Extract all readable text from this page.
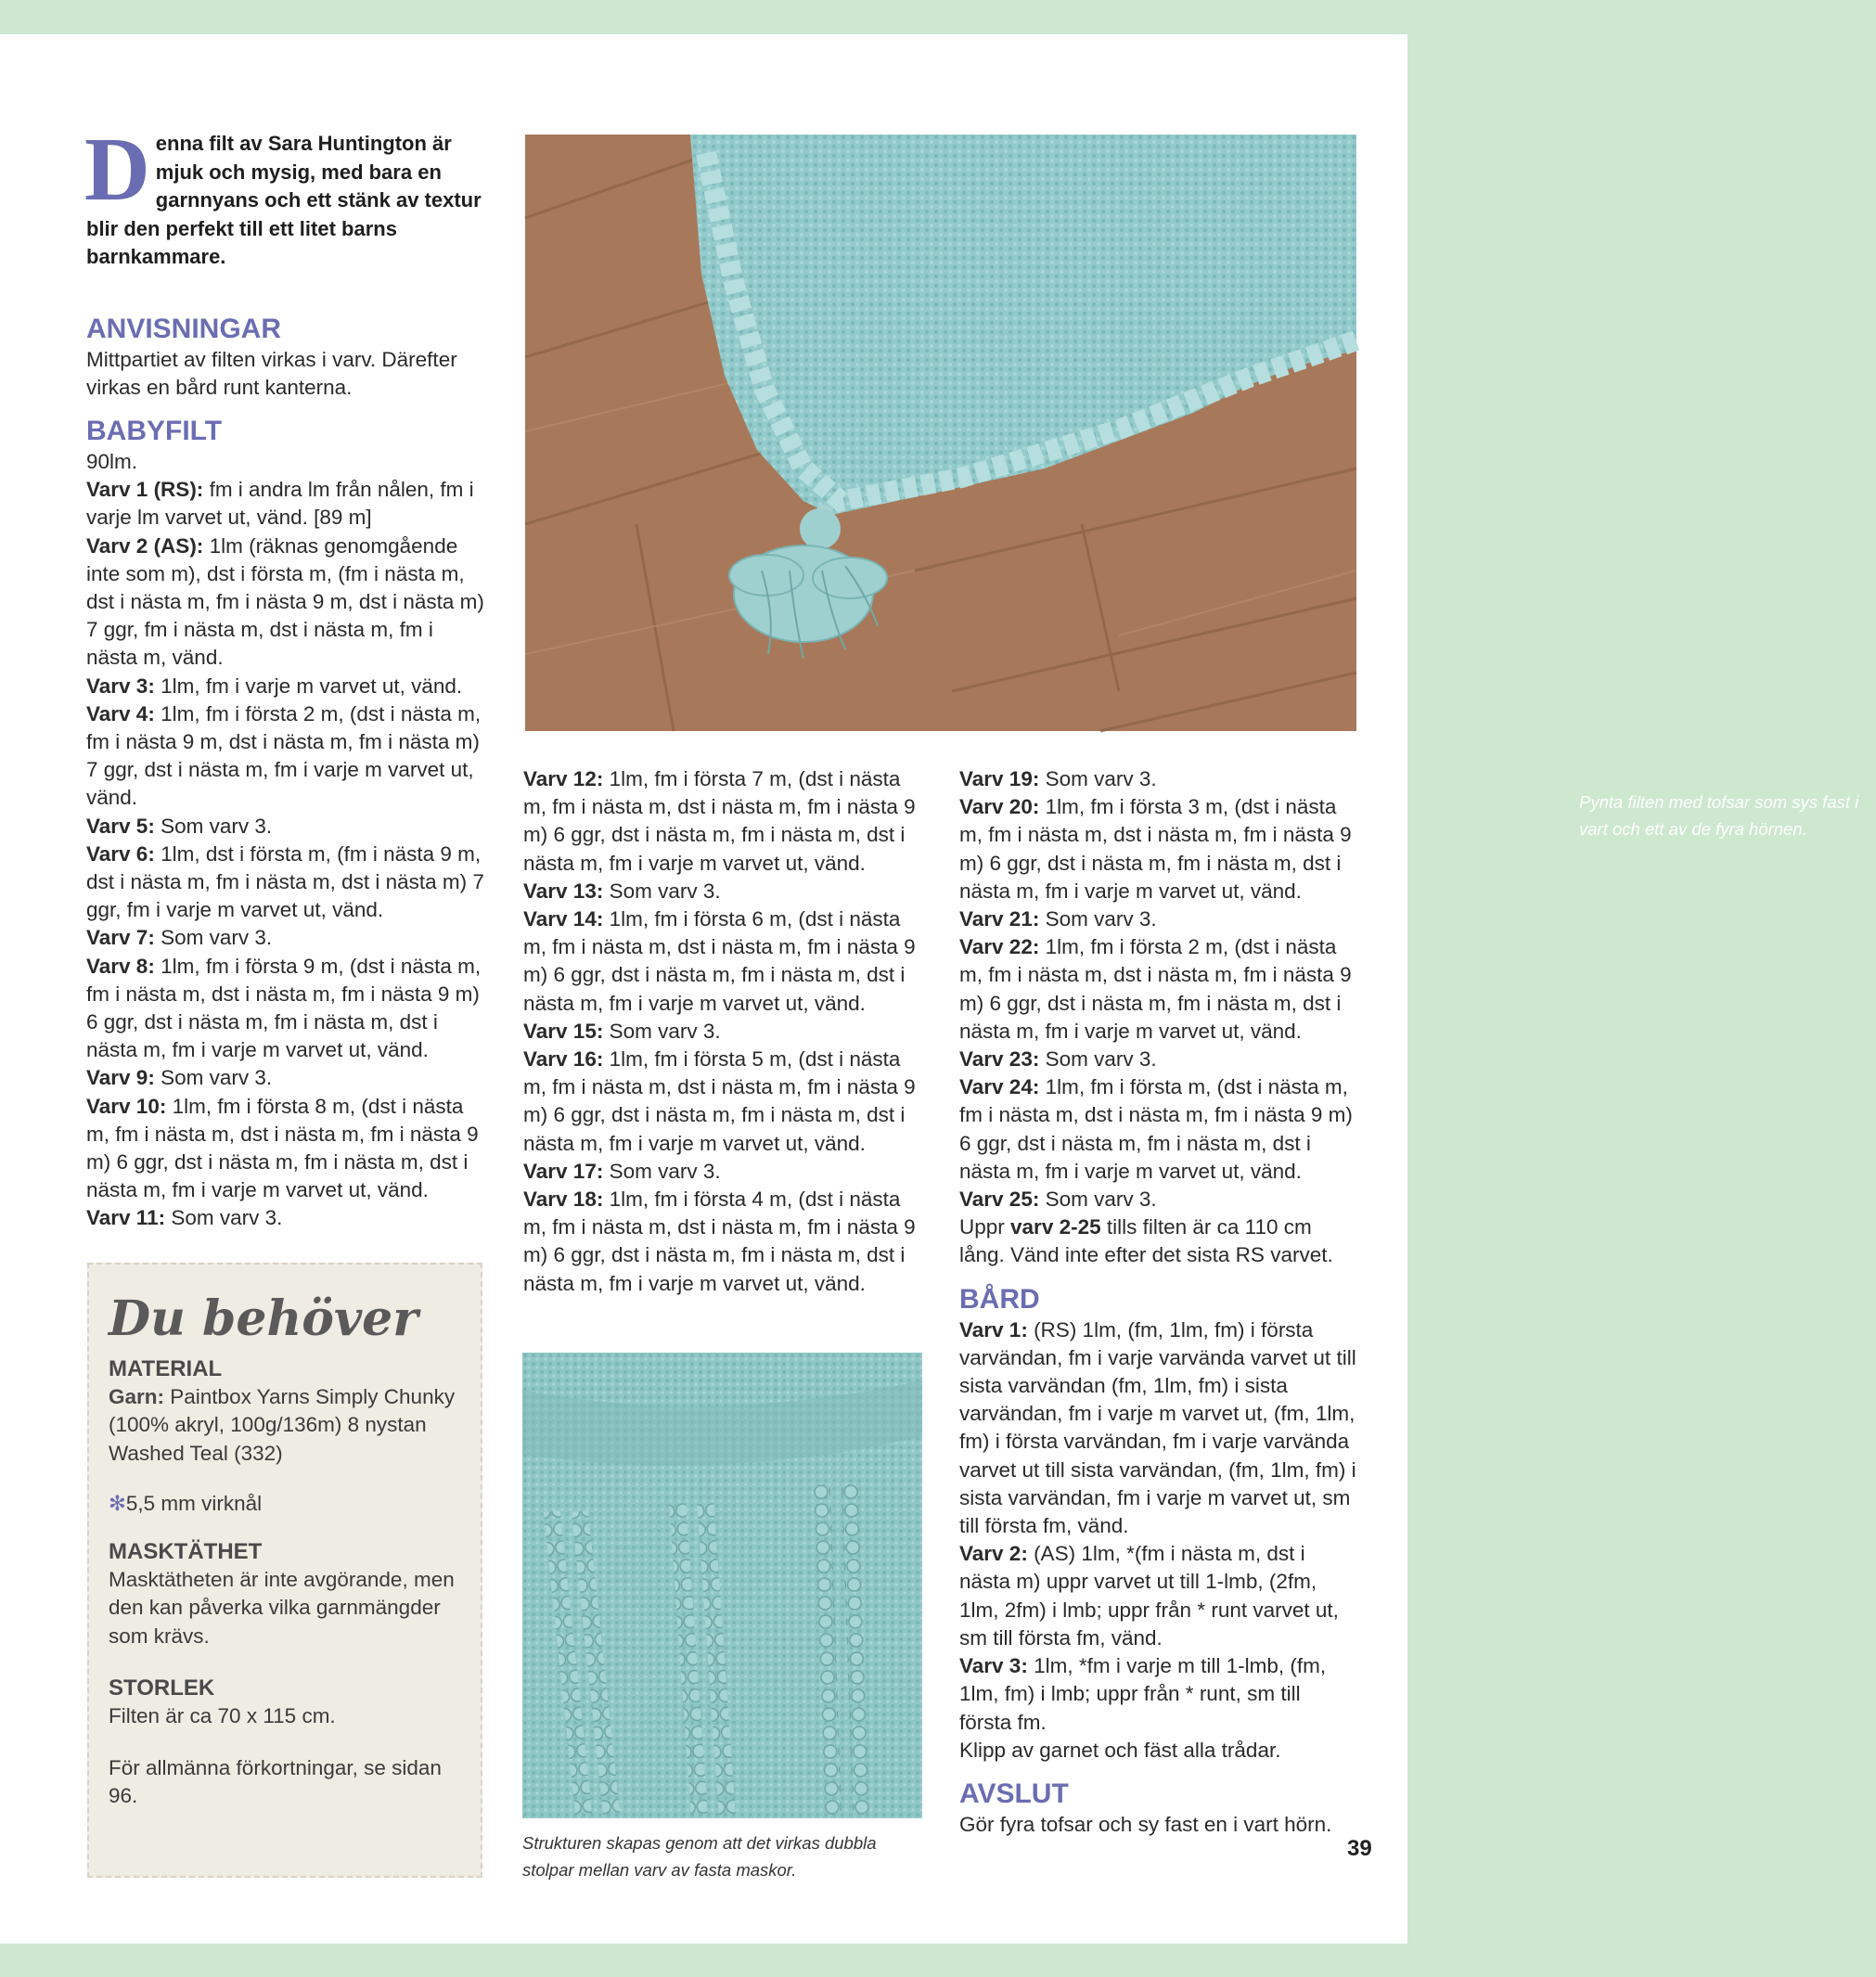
Denna filt av Sara Huntington är mjuk och mysig, med bara en garnnyans och ett stänk av textur blir den perfekt till ett litet barns barnkammare.

ANVISNINGAR

Mittpartiet av filten virkas i varv. Därefter virkas en bård runt kanterna.

BABYFILT

90lm.

Varv 1 (RS): fm i andra lm från nålen, fm i varje lm varvet ut, vänd. [89 m]

Varv 2 (AS): 1lm (räknas genomgående inte som m), dst i första m, (fm i nästa m, dst i nästa m, fm i nästa 9 m, dst i nästa m) 7 ggr, fm i nästa m, dst i nästa m, fm i nästa m, vänd.

Varv 3: 1lm, fm i varje m varvet ut, vänd.

Varv 4: 1lm, fm i första 2 m, (dst i nästa m, fm i nästa 9 m, dst i nästa m, fm i nästa m) 7 ggr, dst i nästa m, fm i varje m varvet ut, vänd.

Varv 5: Som varv 3.

Varv 6: 1lm, dst i första m, (fm i nästa 9 m, dst i nästa m, fm i nästa m, dst i nästa m) 7 ggr, fm i varje m varvet ut, vänd.

Varv 7: Som varv 3.

Varv 8: 1lm, fm i första 9 m, (dst i nästa m, fm i nästa m, dst i nästa m, fm i nästa 9 m) 6 ggr, dst i nästa m, fm i nästa m, dst i nästa m, fm i varje m varvet ut, vänd.

Varv 9: Som varv 3.

Varv 10: 1lm, fm i första 8 m, (dst i nästa m, fm i nästa m, dst i nästa m, fm i nästa 9 m) 6 ggr, dst i nästa m, fm i nästa m, dst i nästa m, fm i varje m varvet ut, vänd.

Varv 11: Som varv 3.

Pynta filten med tofsar som sys fast i vart och ett av de fyra hörnen.

Varv 12: 1lm, fm i första 7 m, (dst i nästa m, fm i nästa m, dst i nästa m, fm i nästa 9 m) 6 ggr, dst i nästa m, fm i nästa m, dst i nästa m, fm i varje m varvet ut, vänd.

Varv 13: Som varv 3.

Varv 14: 1lm, fm i första 6 m, (dst i nästa m, fm i nästa m, dst i nästa m, fm i nästa 9 m) 6 ggr, dst i nästa m, fm i nästa m, dst i nästa m, fm i varje m varvet ut, vänd.

Varv 15: Som varv 3.

Varv 16: 1lm, fm i första 5 m, (dst i nästa m, fm i nästa m, dst i nästa m, fm i nästa 9 m) 6 ggr, dst i nästa m, fm i nästa m, dst i nästa m, fm i varje m varvet ut, vänd.

Varv 17: Som varv 3.

Varv 18: 1lm, fm i första 4 m, (dst i nästa m, fm i nästa m, dst i nästa m, fm i nästa 9 m) 6 ggr, dst i nästa m, fm i nästa m, dst i nästa m, fm i varje m varvet ut, vänd.

Varv 19: Som varv 3.

Varv 20: 1lm, fm i första 3 m, (dst i nästa m, fm i nästa m, dst i nästa m, fm i nästa 9 m) 6 ggr, dst i nästa m, fm i nästa m, dst i nästa m, fm i varje m varvet ut, vänd.

Varv 21: Som varv 3.

Varv 22: 1lm, fm i första 2 m, (dst i nästa m, fm i nästa m, dst i nästa m, fm i nästa 9 m) 6 ggr, dst i nästa m, fm i nästa m, dst i nästa m, fm i varje m varvet ut, vänd.

Varv 23: Som varv 3.

Varv 24: 1lm, fm i första m, (dst i nästa m, fm i nästa m, dst i nästa m, fm i nästa 9 m) 6 ggr, dst i nästa m, fm i nästa m, dst i nästa m, fm i varje m varvet ut, vänd.

Varv 25: Som varv 3.

Uppr varv 2-25 tills filten är ca 110 cm lång. Vänd inte efter det sista RS varvet.

BÅRD

Varv 1: (RS) 1lm, (fm, 1lm, fm) i första varvändan, fm i varje varvända varvet ut till sista varvändan (fm, 1lm, fm) i sista varvändan, fm i varje m varvet ut, (fm, 1lm, fm) i första varvändan, fm i varje varvända varvet ut till sista varvändan, (fm, 1lm, fm) i sista varvändan, fm i varje m varvet ut, sm till första fm, vänd.

Varv 2: (AS) 1lm, *(fm i nästa m, dst i nästa m) uppr varvet ut till 1-lmb, (2fm, 1lm, 2fm) i lmb; uppr från * runt varvet ut, sm till första fm, vänd.

Varv 3: 1lm, *fm i varje m till 1-lmb, (fm, 1lm, fm) i lmb; uppr från * runt, sm till första fm.

Klipp av garnet och fäst alla trådar.

AVSLUT

Gör fyra tofsar och sy fast en i vart hörn.

Strukturen skapas genom att det virkas dubbla stolpar mellan varv av fasta maskor.
Du behöver

MATERIAL

Garn: Paintbox Yarns Simply Chunky (100% akryl, 100g/136m) 8 nystan Washed Teal (332)

✻5,5 mm virknål

MASKTÄTHET

Masktätheten är inte avgörande, men den kan påverka vilka garnmängder som krävs.

STORLEK

Filten är ca 70 x 115 cm.

För allmänna förkortningar, se sidan 96.

39
